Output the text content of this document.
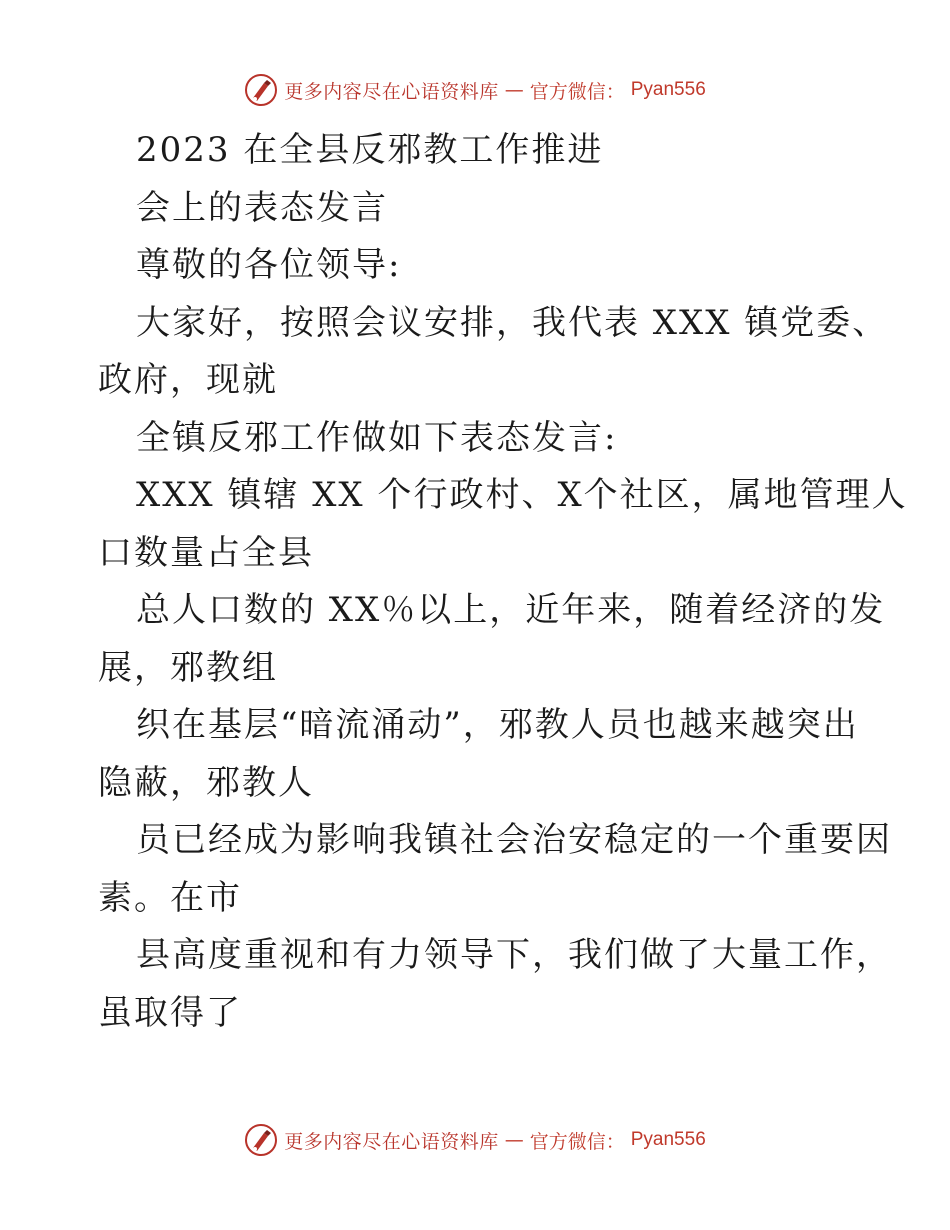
更多内容尽在心语资料库 — 官方微信： Pyan556
2023 在全县反邪教工作推进
会上的表态发言
尊敬的各位领导:
大家好，按照会议安排，我代表 XXX 镇党委、
政府，现就
全镇反邪工作做如下表态发言:
XXX 镇辖 XX 个行政村、X个社区，属地管理人
口数量占全县
总人口数的 XX％以上，近年来，随着经济的发
展，邪教组
织在基层“暗流涌动”，邪教人员也越来越突出
隐蔽，邪教人
员已经成为影响我镇社会治安稳定的一个重要因
素。在市
县高度重视和有力领导下，我们做了大量工作，
虽取得了
更多内容尽在心语资料库 — 官方微信： Pyan556
